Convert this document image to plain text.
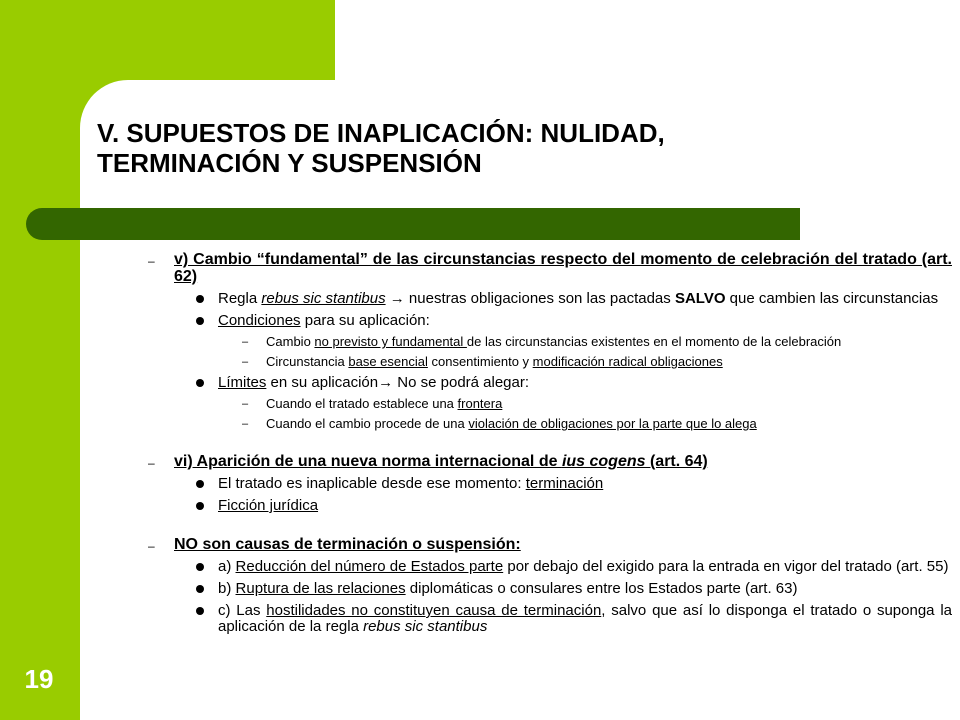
19
V. SUPUESTOS DE INAPLICACIÓN: NULIDAD,
TERMINACIÓN Y SUSPENSIÓN
– v) Cambio “fundamental” de las circunstancias respecto del momento de celebración del tratado (art. 62)
Regla rebus sic stantibus → nuestras obligaciones son las pactadas SALVO que cambien las circunstancias
Condiciones para su aplicación:
– Cambio no previsto y fundamental de las circunstancias existentes en el momento de la celebración
– Circunstancia base esencial consentimiento y modificación radical obligaciones
Límites en su aplicación→ No se podrá alegar:
– Cuando el tratado establece una frontera
– Cuando el cambio procede de una violación de obligaciones por la parte que lo alega
– vi) Aparición de una nueva norma internacional de ius cogens (art. 64)
El tratado es inaplicable desde ese momento: terminación
Ficción jurídica
– NO son causas de terminación o suspensión:
a) Reducción del número de Estados parte por debajo del exigido para la entrada en vigor del tratado (art. 55)
b) Ruptura de las relaciones diplomáticas o consulares entre los Estados parte (art. 63)
c) Las hostilidades no constituyen causa de terminación, salvo que así lo disponga el tratado o suponga la aplicación de la regla rebus sic stantibus
